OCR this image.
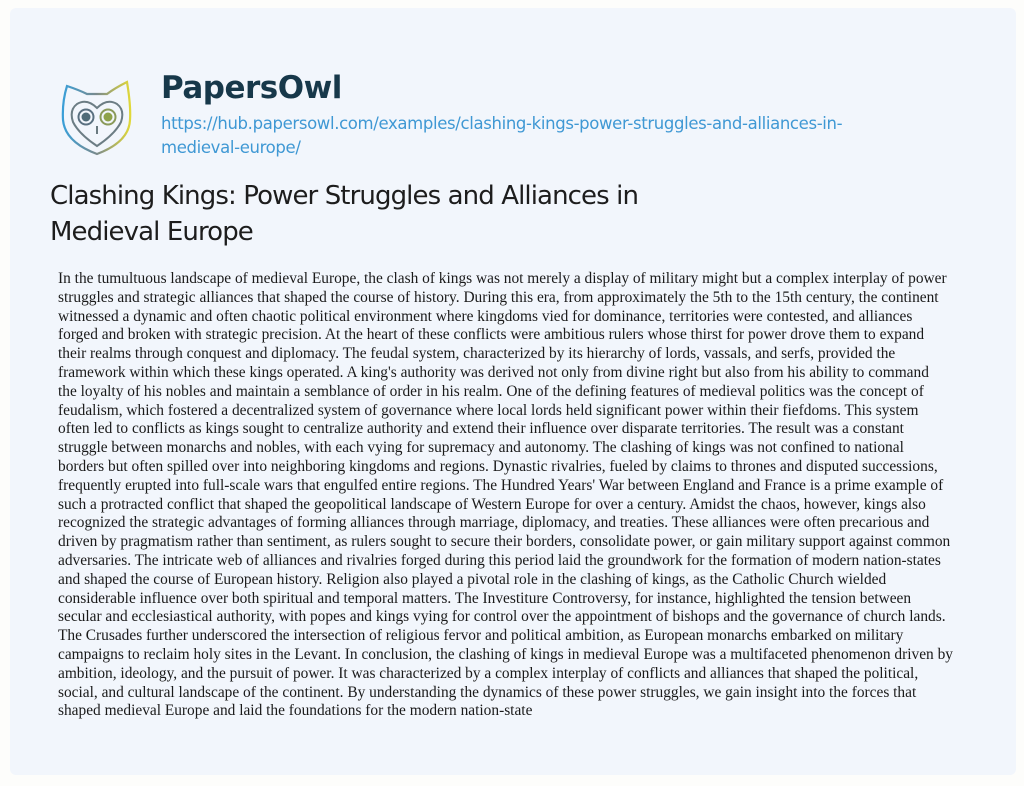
PapersOwl
https://hub.papersowl.com/examples/clashing-kings-power-struggles-and-alliances-in-
medieval-europe/
Clashing Kings: Power Struggles and Alliances in
Medieval Europe
In the tumultuous landscape of medieval Europe, the clash of kings was not merely a display of military might but a complex interplay of power
struggles and strategic alliances that shaped the course of history. During this era, from approximately the 5th to the 15th century, the continent
witnessed a dynamic and often chaotic political environment where kingdoms vied for dominance, territories were contested, and alliances
forged and broken with strategic precision. At the heart of these conflicts were ambitious rulers whose thirst for power drove them to expand
their realms through conquest and diplomacy. The feudal system, characterized by its hierarchy of lords, vassals, and serfs, provided the
framework within which these kings operated. A king's authority was derived not only from divine right but also from his ability to command
the loyalty of his nobles and maintain a semblance of order in his realm. One of the defining features of medieval politics was the concept of
feudalism, which fostered a decentralized system of governance where local lords held significant power within their fiefdoms. This system
often led to conflicts as kings sought to centralize authority and extend their influence over disparate territories. The result was a constant
struggle between monarchs and nobles, with each vying for supremacy and autonomy. The clashing of kings was not confined to national
borders but often spilled over into neighboring kingdoms and regions. Dynastic rivalries, fueled by claims to thrones and disputed successions,
frequently erupted into full-scale wars that engulfed entire regions. The Hundred Years' War between England and France is a prime example of
such a protracted conflict that shaped the geopolitical landscape of Western Europe for over a century. Amidst the chaos, however, kings also
recognized the strategic advantages of forming alliances through marriage, diplomacy, and treaties. These alliances were often precarious and
driven by pragmatism rather than sentiment, as rulers sought to secure their borders, consolidate power, or gain military support against common
adversaries. The intricate web of alliances and rivalries forged during this period laid the groundwork for the formation of modern nation-states
and shaped the course of European history. Religion also played a pivotal role in the clashing of kings, as the Catholic Church wielded
considerable influence over both spiritual and temporal matters. The Investiture Controversy, for instance, highlighted the tension between
secular and ecclesiastical authority, with popes and kings vying for control over the appointment of bishops and the governance of church lands.
The Crusades further underscored the intersection of religious fervor and political ambition, as European monarchs embarked on military
campaigns to reclaim holy sites in the Levant. In conclusion, the clashing of kings in medieval Europe was a multifaceted phenomenon driven by
ambition, ideology, and the pursuit of power. It was characterized by a complex interplay of conflicts and alliances that shaped the political,
social, and cultural landscape of the continent. By understanding the dynamics of these power struggles, we gain insight into the forces that
shaped medieval Europe and laid the foundations for the modern nation-state
